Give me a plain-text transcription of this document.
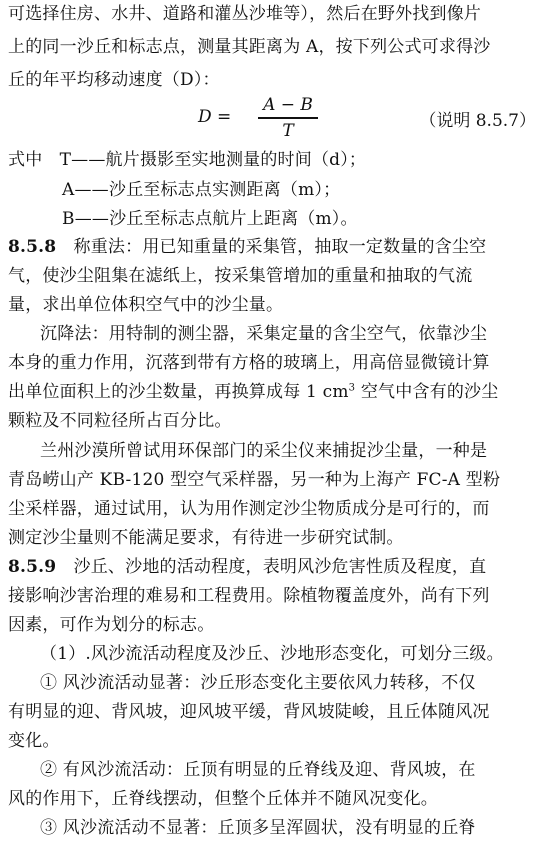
可选择住房、水井、道路和灌丛沙堆等），然后在野外找到像片
上的同一沙丘和标志点，测量其距离为 A，按下列公式可求得沙
丘的年平均移动速度（D）：
D =
A − B
T	（说明 8.5.7）
式中　T——航片摄影至实地测量的时间（d）；
A——沙丘至标志点实测距离（m）；
B——沙丘至标志点航片上距离（m）。
8.5.8　称重法：用已知重量的采集管，抽取一定数量的含尘空
气，使沙尘阻集在滤纸上，按采集管增加的重量和抽取的气流
量，求出单位体积空气中的沙尘量。
沉降法：用特制的测尘器，采集定量的含尘空气，依靠沙尘
本身的重力作用，沉落到带有方格的玻璃上，用高倍显微镜计算
出单位面积上的沙尘数量，再换算成每 1 $cm^3$ 空气中含有的沙尘
颗粒及不同粒径所占百分比。
兰州沙漠所曾试用环保部门的采尘仪来捕捉沙尘量，一种是
青岛崂山产 KB-120 型空气采样器，另一种为上海产 FC-A 型粉
尘采样器，通过试用，认为用作测定沙尘物质成分是可行的，而
测定沙尘量则不能满足要求，有待进一步研究试制。
8.5.9　沙丘、沙地的活动程度，表明风沙危害性质及程度，直
接影响沙害治理的难易和工程费用。除植物覆盖度外，尚有下列
因素，可作为划分的标志。
（1）.风沙流活动程度及沙丘、沙地形态变化，可划分三级。
① 风沙流活动显著：沙丘形态变化主要依风力转移，不仅
有明显的迎、背风坡，迎风坡平缓，背风坡陡峻，且丘体随风况
变化。
② 有风沙流活动：丘顶有明显的丘脊线及迎、背风坡，在
风的作用下，丘脊线摆动，但整个丘体并不随风况变化。
③ 风沙流活动不显著：丘顶多呈浑圆状，没有明显的丘脊
